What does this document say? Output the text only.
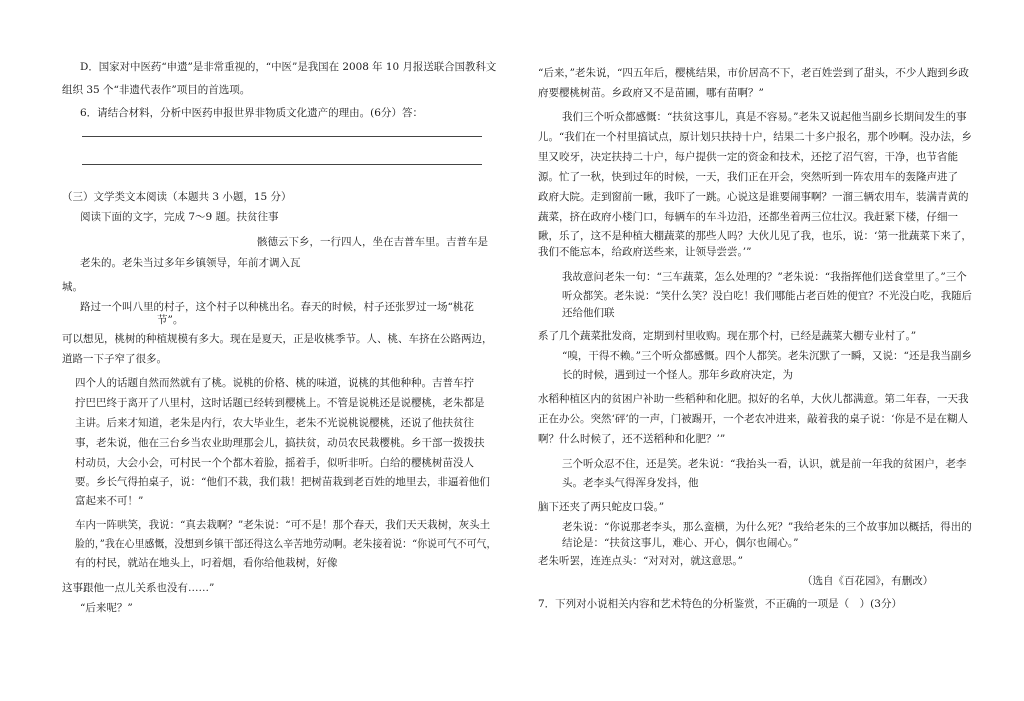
D．国家对中医药“申遗”是非常重视的，“中医”是我国在 2008 年 10 月报送联合国教科文
组织 35 个“非遗代表作”项目的首选项。
6．请结合材料，分析中医药申报世界非物质文化遗产的理由。(6分）答：
（三）文学类文本阅读（本题共 3 小题，15 分）
阅读下面的文字，完成 7～9 题。扶贫往事
骸德云下乡，一行四人，坐在吉普车里。吉普车是
老朱的。老朱当过多年乡镇领导，年前才调入瓦
城。
路过一个叫八里的村子，这个村子以种桃出名。春天的时候，村子还张罗过一场“桃花
节”。
可以想见，桃树的种植规模有多大。现在是夏天，正是收桃季节。人、桃、车挤在公路两边，
道路一下子窄了很多。
四个人的话题自然而然就有了桃。说桃的价格、桃的味道，说桃的其他种种。吉普车拧
拧巴巴终于离开了八里村，这时话题已经转到樱桃上。不管是说桃还是说樱桃，老朱都是
主讲。后来才知道，老朱是内行，农大毕业生，老朱不光说桃说樱桃，还说了他扶贫往
事，老朱说，他在三台乡当农业助理那会儿，搞扶贫，动员农民栽樱桃。乡干部一拨拨扶
村动员，大会小会，可村民一个个都木着脸，摇着手，似听非听。白给的樱桃树苗没人
要。乡长气得拍桌子，说：“他们不栽，我们栽！把树苗栽到老百姓的地里去，非逼着他们
富起来不可！”
车内一阵哄笑，我说：“真去栽啊？”老朱说：“可不是！那个春天，我们天天栽树，灰头土
脸的，”我在心里感慨，没想到乡镇干部还得这么辛苦地劳动啊。老朱接着说：“你说可气不可气，
有的村民，就站在地头上，叼着烟，看你给他栽树，好像
这事跟他一点儿关系也没有……”
“后来呢？”
“后来，”老朱说，“四五年后，樱桃结果，市价居高不下，老百姓尝到了甜头，不少人跑到乡政
府要樱桃树苗。乡政府又不是苗圃，哪有苗啊？”
我们三个听众都感慨：“扶贫这事儿，真是不容易。”老朱又说起他当副乡长期间发生的事
儿。“我们在一个村里搞试点，原计划只扶持十户，结果二十多户报名，那个吵啊。没办法，乡
里又咬牙，决定扶持二十户，每户提供一定的资金和技术，还挖了沼气窖，干净，也节省能
源。忙了一秋，快到过年的时候，一天，我们正在开会，突然听到一阵农用车的轰隆声进了
政府大院。走到窗前一瞅，我吓了一跳。心说这是谁要闹事啊？一溜三辆农用车，装满青黄的
蔬菜，挤在政府小楼门口，每辆车的车斗边沿，还都坐着两三位壮汉。我赶紧下楼，仔细一
瞅，乐了，这不是种植大棚蔬菜的那些人吗？大伙儿见了我，也乐，说：‘第一批蔬菜下来了，
我们不能忘本，给政府送些来，让领导尝尝。’”
我故意问老朱一句：“三车蔬菜，怎么处理的？”老朱说：“我指挥他们送食堂里了。”三个
听众都笑。老朱说：“笑什么笑？没白吃！我们哪能占老百姓的便宜？不光没白吃，我随后
还给他们联
系了几个蔬菜批发商，定期到村里收购。现在那个村，已经是蔬菜大棚专业村了。”
“嗅，干得不赖。”三个听众都感慨。四个人都笑。老朱沉默了一瞬，又说：“还是我当副乡
长的时候，遇到过一个怪人。那年乡政府决定，为
水稻种植区内的贫困户补助一些稻种和化肥。拟好的名单，大伙儿都满意。第二年春，一天我
正在办公。突然‘砰’的一声，门被踢开，一个老农冲进来，敲着我的桌子说：‘你是不是在糊人
啊？什么时候了，还不送稻种和化肥？’”
三个听众忍不住，还是笑。老朱说：“我抬头一看，认识，就是前一年我的贫困户，老李
头。老李头气得浑身发抖，他
脑下还夹了两只蛇皮口袋。”
老朱说：“你说那老李头，那么蛮横，为什么死？”我给老朱的三个故事加以概括，得出的
结论是：“扶贫这事儿，难心、开心，偶尔也闹心。”
老朱听罢，连连点头：“对对对，就这意思。”
（选自《百花园》，有删改）
7．下列对小说相关内容和艺术特色的分析鉴赏，不正确的一项是（　）(3分）
